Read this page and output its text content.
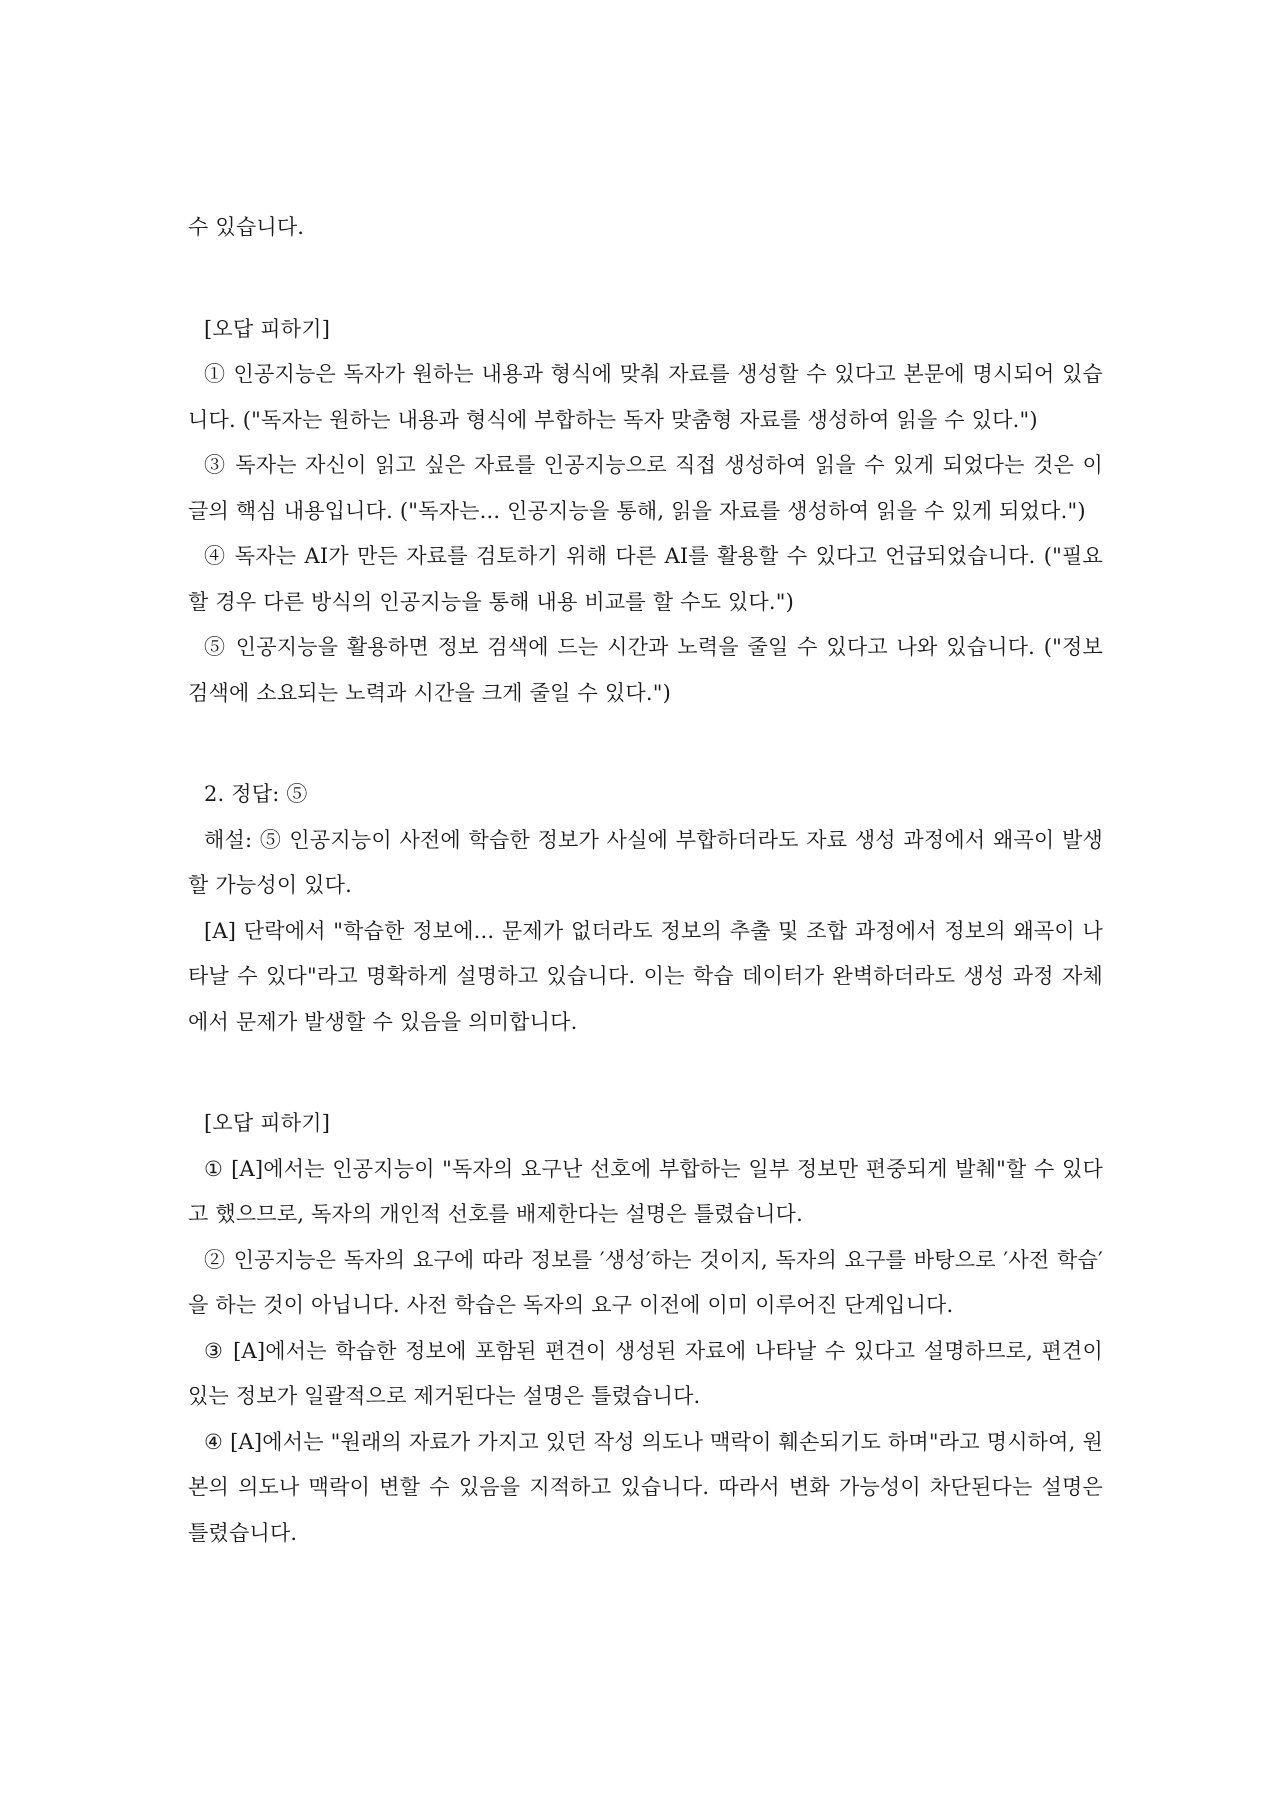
수 있습니다.

[오답 피하기]

① 인공지능은 독자가 원하는 내용과 형식에 맞춰 자료를 생성할 수 있다고 본문에 명시되어 있습니다. ("독자는 원하는 내용과 형식에 부합하는 독자 맞춤형 자료를 생성하여 읽을 수 있다.")

③ 독자는 자신이 읽고 싶은 자료를 인공지능으로 직접 생성하여 읽을 수 있게 되었다는 것은 이 글의 핵심 내용입니다. ("독자는... 인공지능을 통해, 읽을 자료를 생성하여 읽을 수 있게 되었다.")

④ 독자는 AI가 만든 자료를 검토하기 위해 다른 AI를 활용할 수 있다고 언급되었습니다. ("필요할 경우 다른 방식의 인공지능을 통해 내용 비교를 할 수도 있다.")

⑤ 인공지능을 활용하면 정보 검색에 드는 시간과 노력을 줄일 수 있다고 나와 있습니다. ("정보 검색에 소요되는 노력과 시간을 크게 줄일 수 있다.")

2. 정답: ⑤

해설: ⑤ 인공지능이 사전에 학습한 정보가 사실에 부합하더라도 자료 생성 과정에서 왜곡이 발생할 가능성이 있다.

[A] 단락에서 "학습한 정보에... 문제가 없더라도 정보의 추출 및 조합 과정에서 정보의 왜곡이 나타날 수 있다"라고 명확하게 설명하고 있습니다. 이는 학습 데이터가 완벽하더라도 생성 과정 자체에서 문제가 발생할 수 있음을 의미합니다.

[오답 피하기]

① [A]에서는 인공지능이 "독자의 요구난 선호에 부합하는 일부 정보만 편중되게 발췌"할 수 있다고 했으므로, 독자의 개인적 선호를 배제한다는 설명은 틀렸습니다.

② 인공지능은 독자의 요구에 따라 정보를 ′생성′하는 것이지, 독자의 요구를 바탕으로 ′사전 학습′을 하는 것이 아닙니다. 사전 학습은 독자의 요구 이전에 이미 이루어진 단계입니다.

③ [A]에서는 학습한 정보에 포함된 편견이 생성된 자료에 나타날 수 있다고 설명하므로, 편견이 있는 정보가 일괄적으로 제거된다는 설명은 틀렸습니다.

④ [A]에서는 "원래의 자료가 가지고 있던 작성 의도나 맥락이 훼손되기도 하며"라고 명시하여, 원본의 의도나 맥락이 변할 수 있음을 지적하고 있습니다. 따라서 변화 가능성이 차단된다는 설명은 틀렸습니다.
